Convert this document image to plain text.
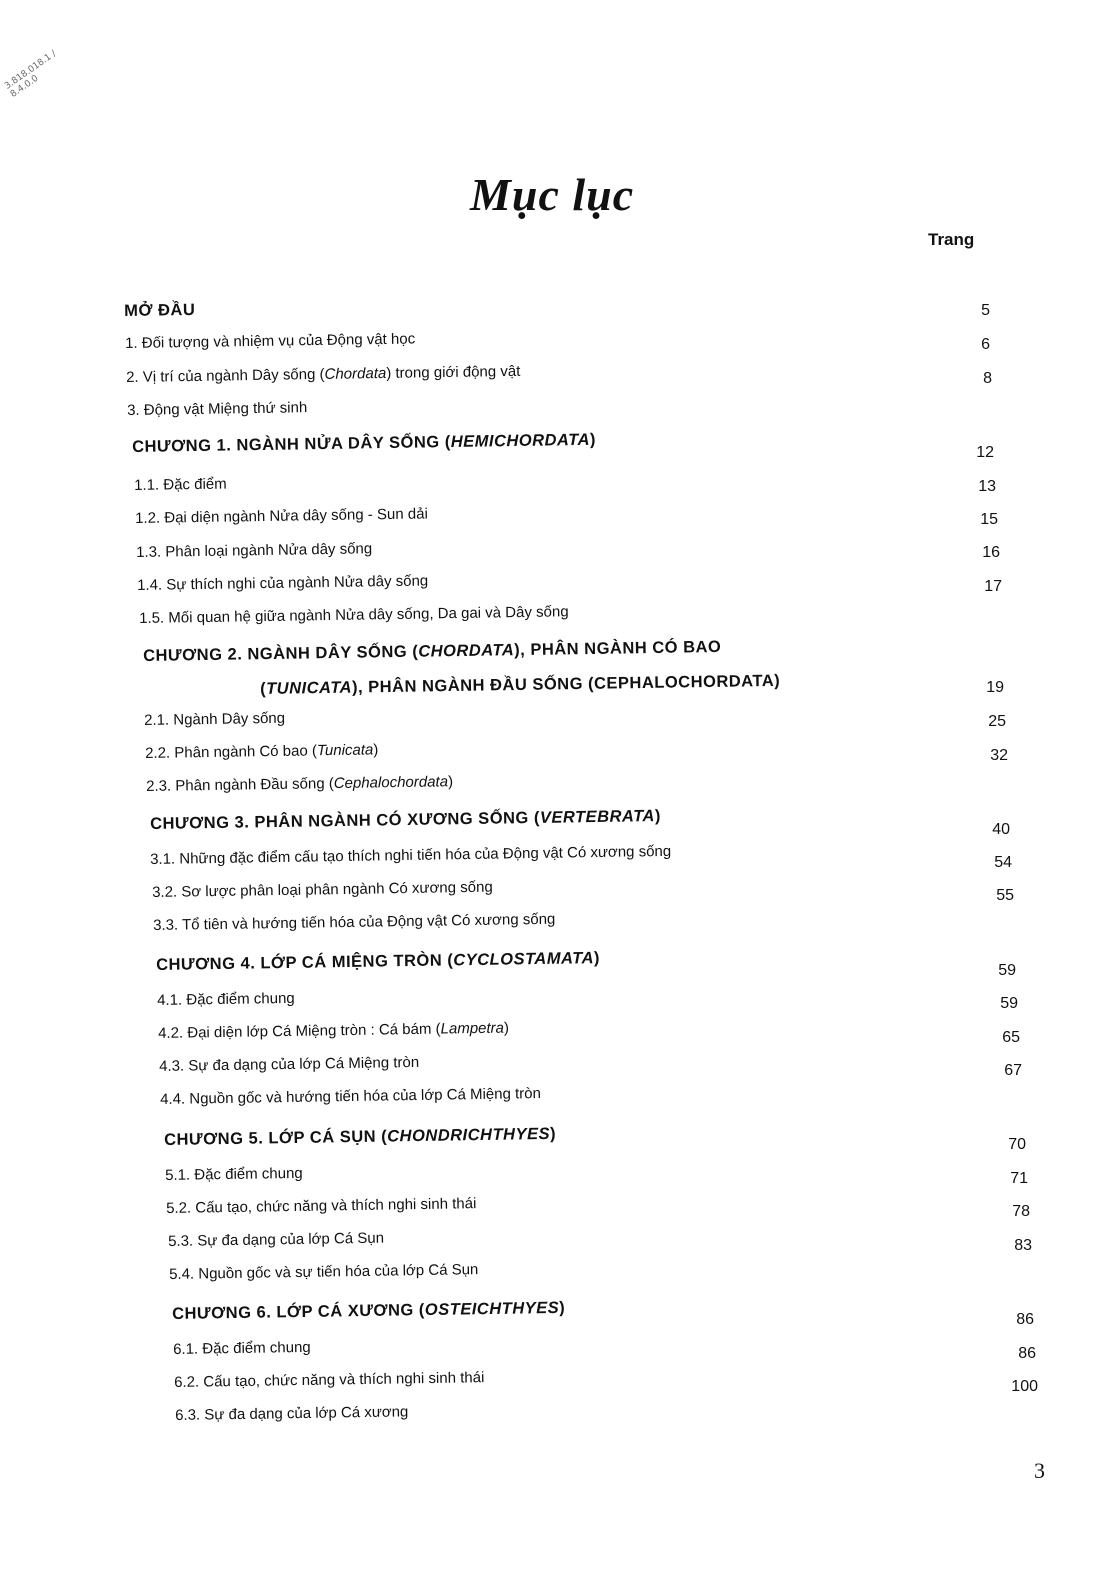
3.818.018.1 / 8.4.0.0
Mục lục
Trang
MỞ ĐẦU
1. Đối tượng và nhiệm vụ của Động vật học
2. Vị trí của ngành Dây sống (Chordata) trong giới động vật
3. Động vật Miệng thứ sinh
CHƯƠNG 1. NGÀNH NỬA DÂY SỐNG (HEMICHORDATA)
1.1. Đặc điểm
1.2. Đại diện ngành Nửa dây sống - Sun dải
1.3. Phân loại ngành Nửa dây sống
1.4. Sự thích nghi của ngành Nửa dây sống
1.5. Mối quan hệ giữa ngành Nửa dây sống, Da gai và Dây sống
CHƯƠNG 2. NGÀNH DÂY SỐNG (CHORDATA), PHÂN NGÀNH CÓ BAO
(TUNICATA), PHÂN NGÀNH ĐẦU SỐNG (CEPHALOCHORDATA)
2.1. Ngành Dây sống
2.2. Phân ngành Có bao (Tunicata)
2.3. Phân ngành Đầu sống (Cephalochordata)
CHƯƠNG 3. PHÂN NGÀNH CÓ XƯƠNG SỐNG (VERTEBRATA)
3.1. Những đặc điểm cấu tạo thích nghi tiến hóa của Động vật Có xương sống
3.2. Sơ lược phân loại phân ngành Có xương sống
3.3. Tổ tiên và hướng tiến hóa của Động vật Có xương sống
CHƯƠNG 4. LỚP CÁ MIỆNG TRÒN (CYCLOSTAMATA)
4.1. Đặc điểm chung
4.2. Đại diện lớp Cá Miệng tròn : Cá bám (Lampetra)
4.3. Sự đa dạng của lớp Cá Miệng tròn
4.4. Nguồn gốc và hướng tiến hóa của lớp Cá Miệng tròn
CHƯƠNG 5. LỚP CÁ SỤN (CHONDRICHTHYES)
5.1. Đặc điểm chung
5.2. Cấu tạo, chức năng và thích nghi sinh thái
5.3. Sự đa dạng của lớp Cá Sụn
5.4. Nguồn gốc và sự tiến hóa của lớp Cá Sụn
CHƯƠNG 6. LỚP CÁ XƯƠNG (OSTEICHTHYES)
6.1. Đặc điểm chung
6.2. Cấu tạo, chức năng và thích nghi sinh thái
6.3. Sự đa dạng của lớp Cá xương
5
6
8
12
13
15
16
17
19
25
32
40
54
55
59
59
65
67
70
71
78
83
86
86
100
3
